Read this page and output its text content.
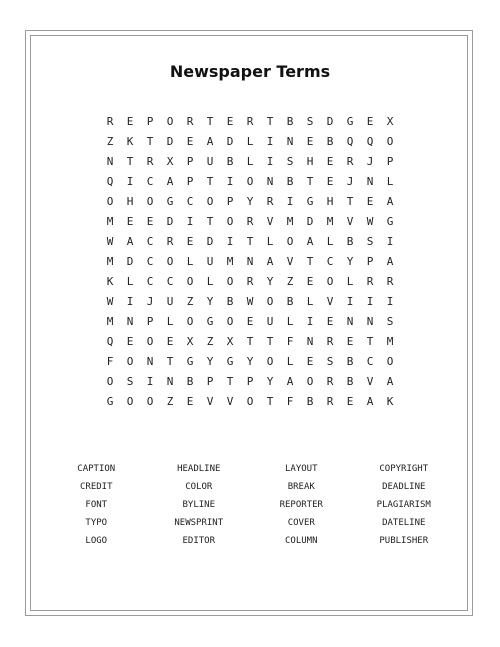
Newspaper Terms
R	E	P	O	R	T	E	R	T	B	S	D	G	E	X
Z	K	T	D	E	A	D	L	I	N	E	B	Q	Q	O
N	T	R	X	P	U	B	L	I	S	H	E	R	J	P
Q	I	C	A	P	T	I	O	N	B	T	E	J	N	L
O	H	O	G	C	O	P	Y	R	I	G	H	T	E	A
M	E	E	D	I	T	O	R	V	M	D	M	V	W	G
W	A	C	R	E	D	I	T	L	O	A	L	B	S	I
M	D	C	O	L	U	M	N	A	V	T	C	Y	P	A
K	L	C	C	O	L	O	R	Y	Z	E	O	L	R	R
W	I	J	U	Z	Y	B	W	O	B	L	V	I	I	I
M	N	P	L	O	G	O	E	U	L	I	E	N	N	S
Q	E	O	E	X	Z	X	T	T	F	N	R	E	T	M
F	O	N	T	G	Y	G	Y	O	L	E	S	B	C	O
O	S	I	N	B	P	T	P	Y	A	O	R	B	V	A
G	O	O	Z	E	V	V	O	T	F	B	R	E	A	K
CAPTION	HEADLINE	LAYOUT	COPYRIGHT
CREDIT	COLOR	BREAK	DEADLINE
FONT	BYLINE	REPORTER	PLAGIARISM
TYPO	NEWSPRINT	COVER	DATELINE
LOGO	EDITOR	COLUMN	PUBLISHER
